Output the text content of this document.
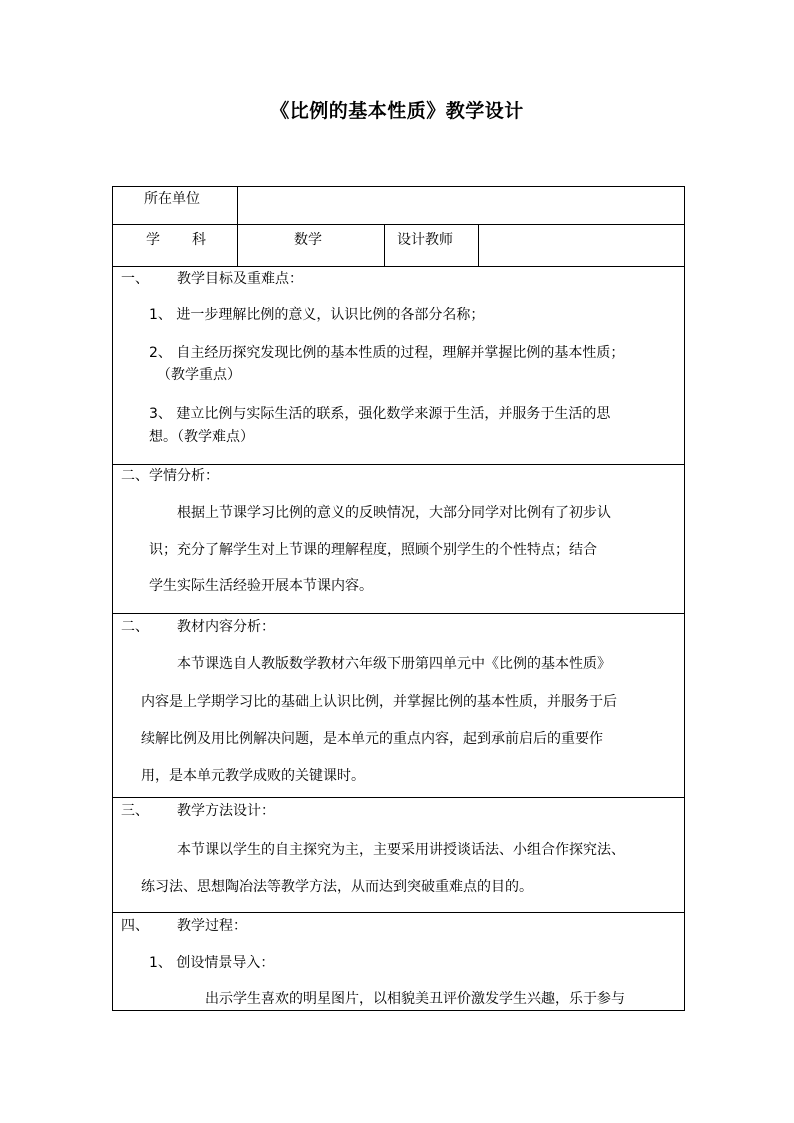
《比例的基本性质》教学设计
所在单位
学 科	数学	设计教师
一、 教学目标及重难点：
1、 进一步理解比例的意义，认识比例的各部分名称；
2、 自主经历探究发现比例的基本性质的过程，理解并掌握比例的基本性质；
（教学重点）
3、 建立比例与实际生活的联系，强化数学来源于生活，并服务于生活的思
想。（教学难点）
二、学情分析：
根据上节课学习比例的意义的反映情况，大部分同学对比例有了初步认
识；充分了解学生对上节课的理解程度，照顾个别学生的个性特点；结合
学生实际生活经验开展本节课内容。
二、 教材内容分析：
本节课选自人教版数学教材六年级下册第四单元中《比例的基本性质》
内容是上学期学习比的基础上认识比例，并掌握比例的基本性质，并服务于后
续解比例及用比例解决问题，是本单元的重点内容，起到承前启后的重要作
用，是本单元教学成败的关键课时。
三、 教学方法设计：
本节课以学生的自主探究为主，主要采用讲授谈话法、小组合作探究法、
练习法、思想陶冶法等教学方法，从而达到突破重难点的目的。
四、 教学过程：
1、 创设情景导入：
出示学生喜欢的明星图片，以相貌美丑评价激发学生兴趣，乐于参与
